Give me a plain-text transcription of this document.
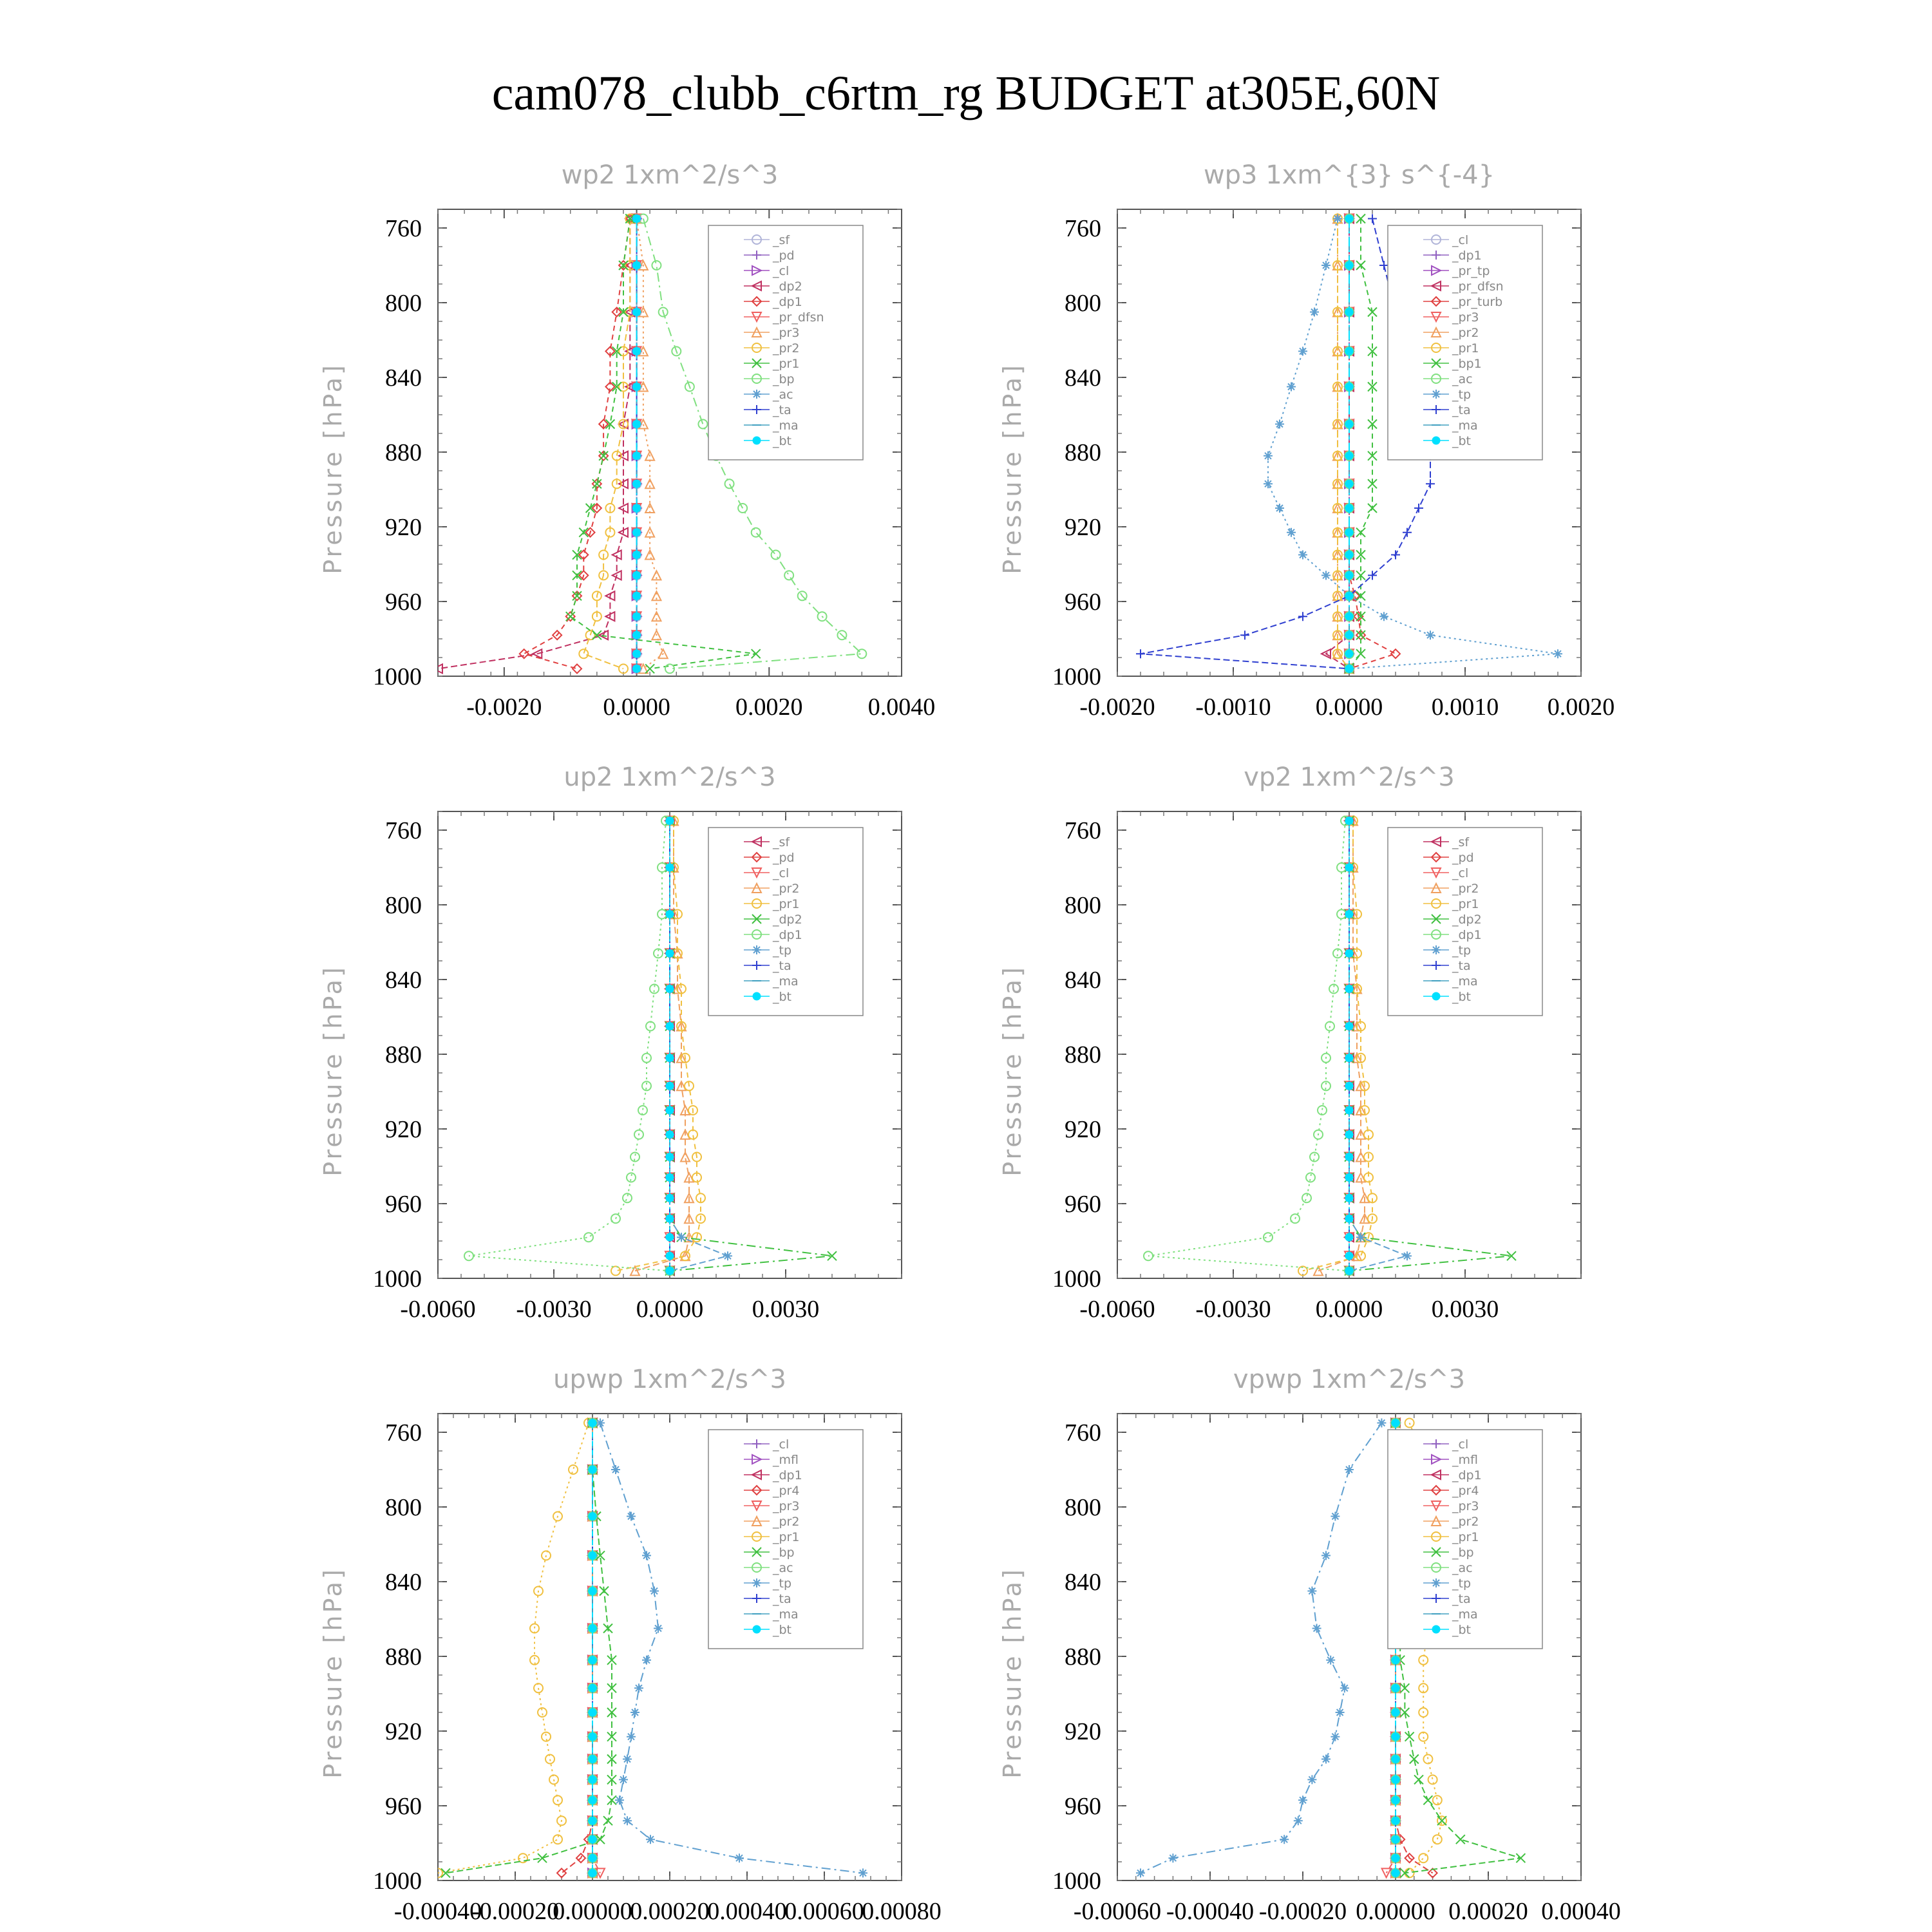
cam078_clubb_c6rtm_rg BUDGET at305E,60N
wp2 1xm^2/s^3
Pressure [hPa]
760
800
840
880
920
960
1000
-0.0020 0.0000	0.0020	0.0040
_sf
_pd
_cl
_dp2
_dp1
_pr_dfsn
_pr3
_pr2
_pr1
_bp
_ac
_ta
_ma
_bt
wp3 1xm^{3} s^{-4}
Pressure [hPa]
760
800
840
880
920
960
1000
-0.0020 -0.0010 0.0000 0.0010 0.0020
_cl
_dp1
_pr_tp
_pr_dfsn
_pr_turb
_pr3
_pr2
_pr1
_bp1
_ac
_tp
_ta
_ma
_bt
up2 1xm^2/s^3
Pressure [hPa]
760
800
840
880
920
960
1000
-0.0060 -0.0030 0.0000 0.0030
_sf
_pd
_cl
_pr2
_pr1
_dp2
_dp1
_tp
_ta
_ma
_bt
vp2 1xm^2/s^3
Pressure [hPa]
760
800
840
880
920
960
1000
-0.0060 -0.0030 0.0000 0.0030
_sf
_pd
_cl
_pr2
_pr1
_dp2
_dp1
_tp
_ta
_ma
_bt
upwp 1xm^2/s^3
Pressure [hPa]
760
800
840
880
920
960
1000
-0.00040
-0.00020
0.00000
0.00020
0.00040
0.00060
0.00080
_cl
_mfl
_dp1
_pr4
_pr3
_pr2
_pr1
_bp
_ac
_tp
_ta
_ma
_bt
vpwp 1xm^2/s^3
Pressure [hPa]
760
800
840
880
920
960
1000
-0.00060 -0.00040 -0.00020 0.00000 0.00020 0.00040
_cl
_mfl
_dp1
_pr4
_pr3
_pr2
_pr1
_bp
_ac
_tp
_ta
_ma
_bt
